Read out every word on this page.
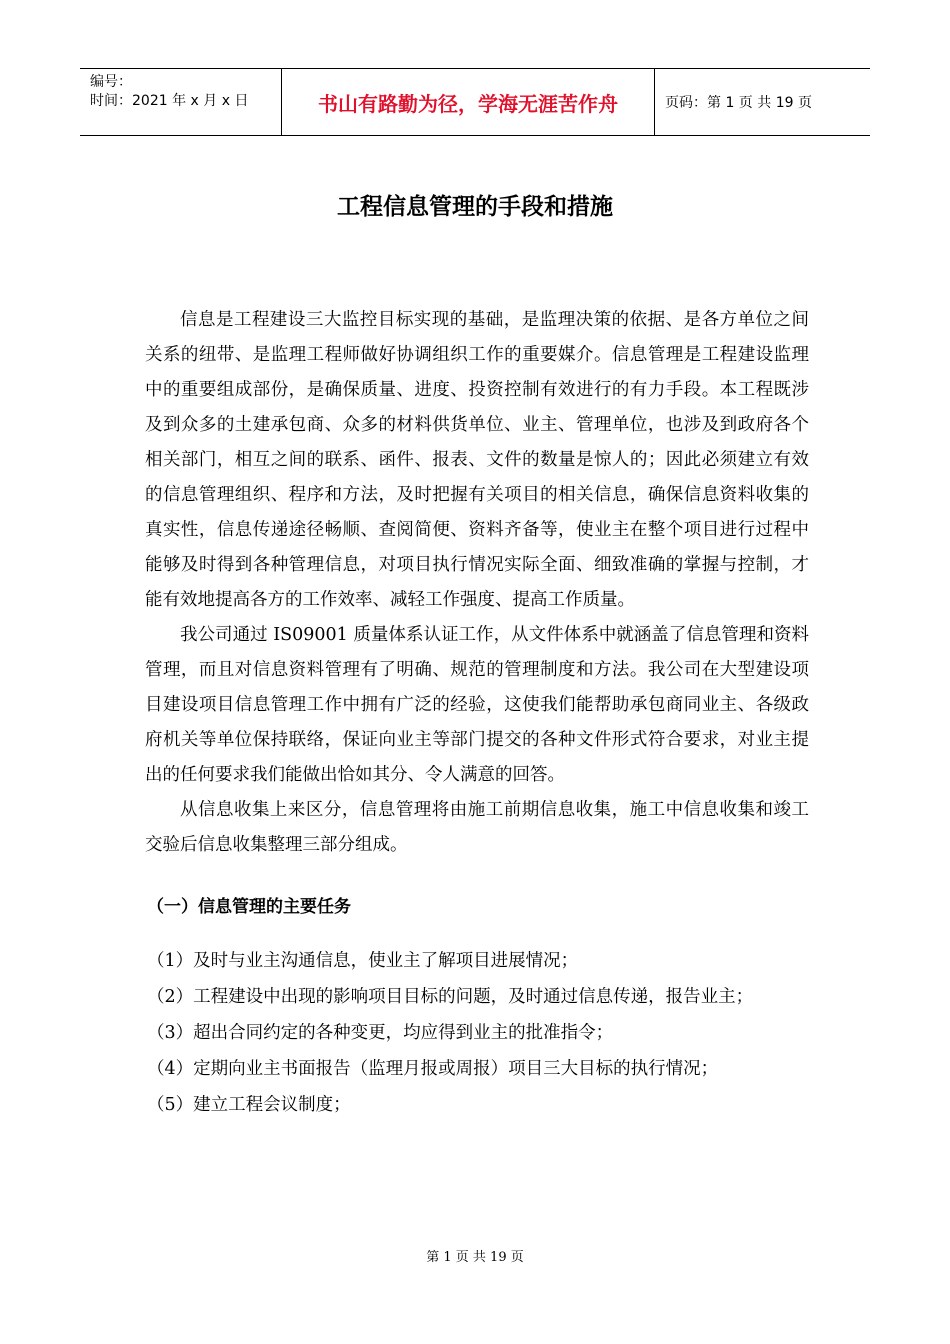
编号：
时间：2021 年 x 月 x 日	书山有路勤为径，学海无涯苦作舟	页码：第 1 页 共 19 页
工程信息管理的手段和措施

信息是工程建设三大监控目标实现的基础，是监理决策的依据、是各方单位之间关系的纽带、是监理工程师做好协调组织工作的重要媒介。信息管理是工程建设监理中的重要组成部份，是确保质量、进度、投资控制有效进行的有力手段。本工程既涉及到众多的土建承包商、众多的材料供货单位、业主、管理单位，也涉及到政府各个相关部门，相互之间的联系、函件、报表、文件的数量是惊人的；因此必须建立有效的信息管理组织、程序和方法，及时把握有关项目的相关信息，确保信息资料收集的真实性，信息传递途径畅顺、查阅简便、资料齐备等，使业主在整个项目进行过程中能够及时得到各种管理信息，对项目执行情况实际全面、细致准确的掌握与控制，才能有效地提高各方的工作效率、减轻工作强度、提高工作质量。

我公司通过 IS09001 质量体系认证工作，从文件体系中就涵盖了信息管理和资料管理，而且对信息资料管理有了明确、规范的管理制度和方法。我公司在大型建设项目建设项目信息管理工作中拥有广泛的经验，这使我们能帮助承包商同业主、各级政府机关等单位保持联络，保证向业主等部门提交的各种文件形式符合要求，对业主提出的任何要求我们能做出恰如其分、令人满意的回答。

从信息收集上来区分，信息管理将由施工前期信息收集，施工中信息收集和竣工交验后信息收集整理三部分组成。

（一）信息管理的主要任务
（1）及时与业主沟通信息，使业主了解项目进展情况；
（2）工程建设中出现的影响项目目标的问题，及时通过信息传递，报告业主；
（3）超出合同约定的各种变更，均应得到业主的批准指令；
（4）定期向业主书面报告（监理月报或周报）项目三大目标的执行情况；
（5）建立工程会议制度；
第 1 页 共 19 页
